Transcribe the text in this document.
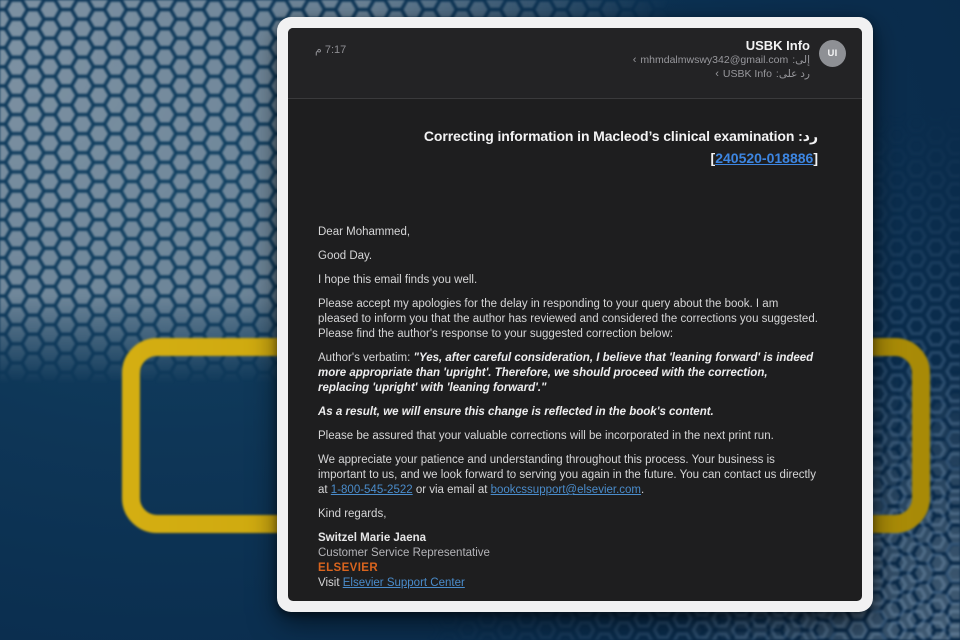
7:17 م	USBK Info
‹ mhmdalmwswy342@gmail.com إلى:
‹ USBK Info رد على:
UI
Correcting information in Macleod’s clinical examination رد:
[240520-018886]

Dear Mohammed,

Good Day.

I hope this email finds you well.

Please accept my apologies for the delay in responding to your query about the book. I am pleased to inform you that the author has reviewed and considered the corrections you suggested. Please find the author's response to your suggested correction below:

Author's verbatim: "Yes, after careful consideration, I believe that 'leaning forward' is indeed more appropriate than 'upright'. Therefore, we should proceed with the correction, replacing 'upright' with 'leaning forward'."

As a result, we will ensure this change is reflected in the book's content.

Please be assured that your valuable corrections will be incorporated in the next print run.

We appreciate your patience and understanding throughout this process. Your business is important to us, and we look forward to serving you again in the future. You can contact us directly at 1-800-545-2522 or via email at bookcssupport@elsevier.com.

Kind regards,

Switzel Marie Jaena
Customer Service Representative
ELSEVIER

Visit Elsevier Support Center
